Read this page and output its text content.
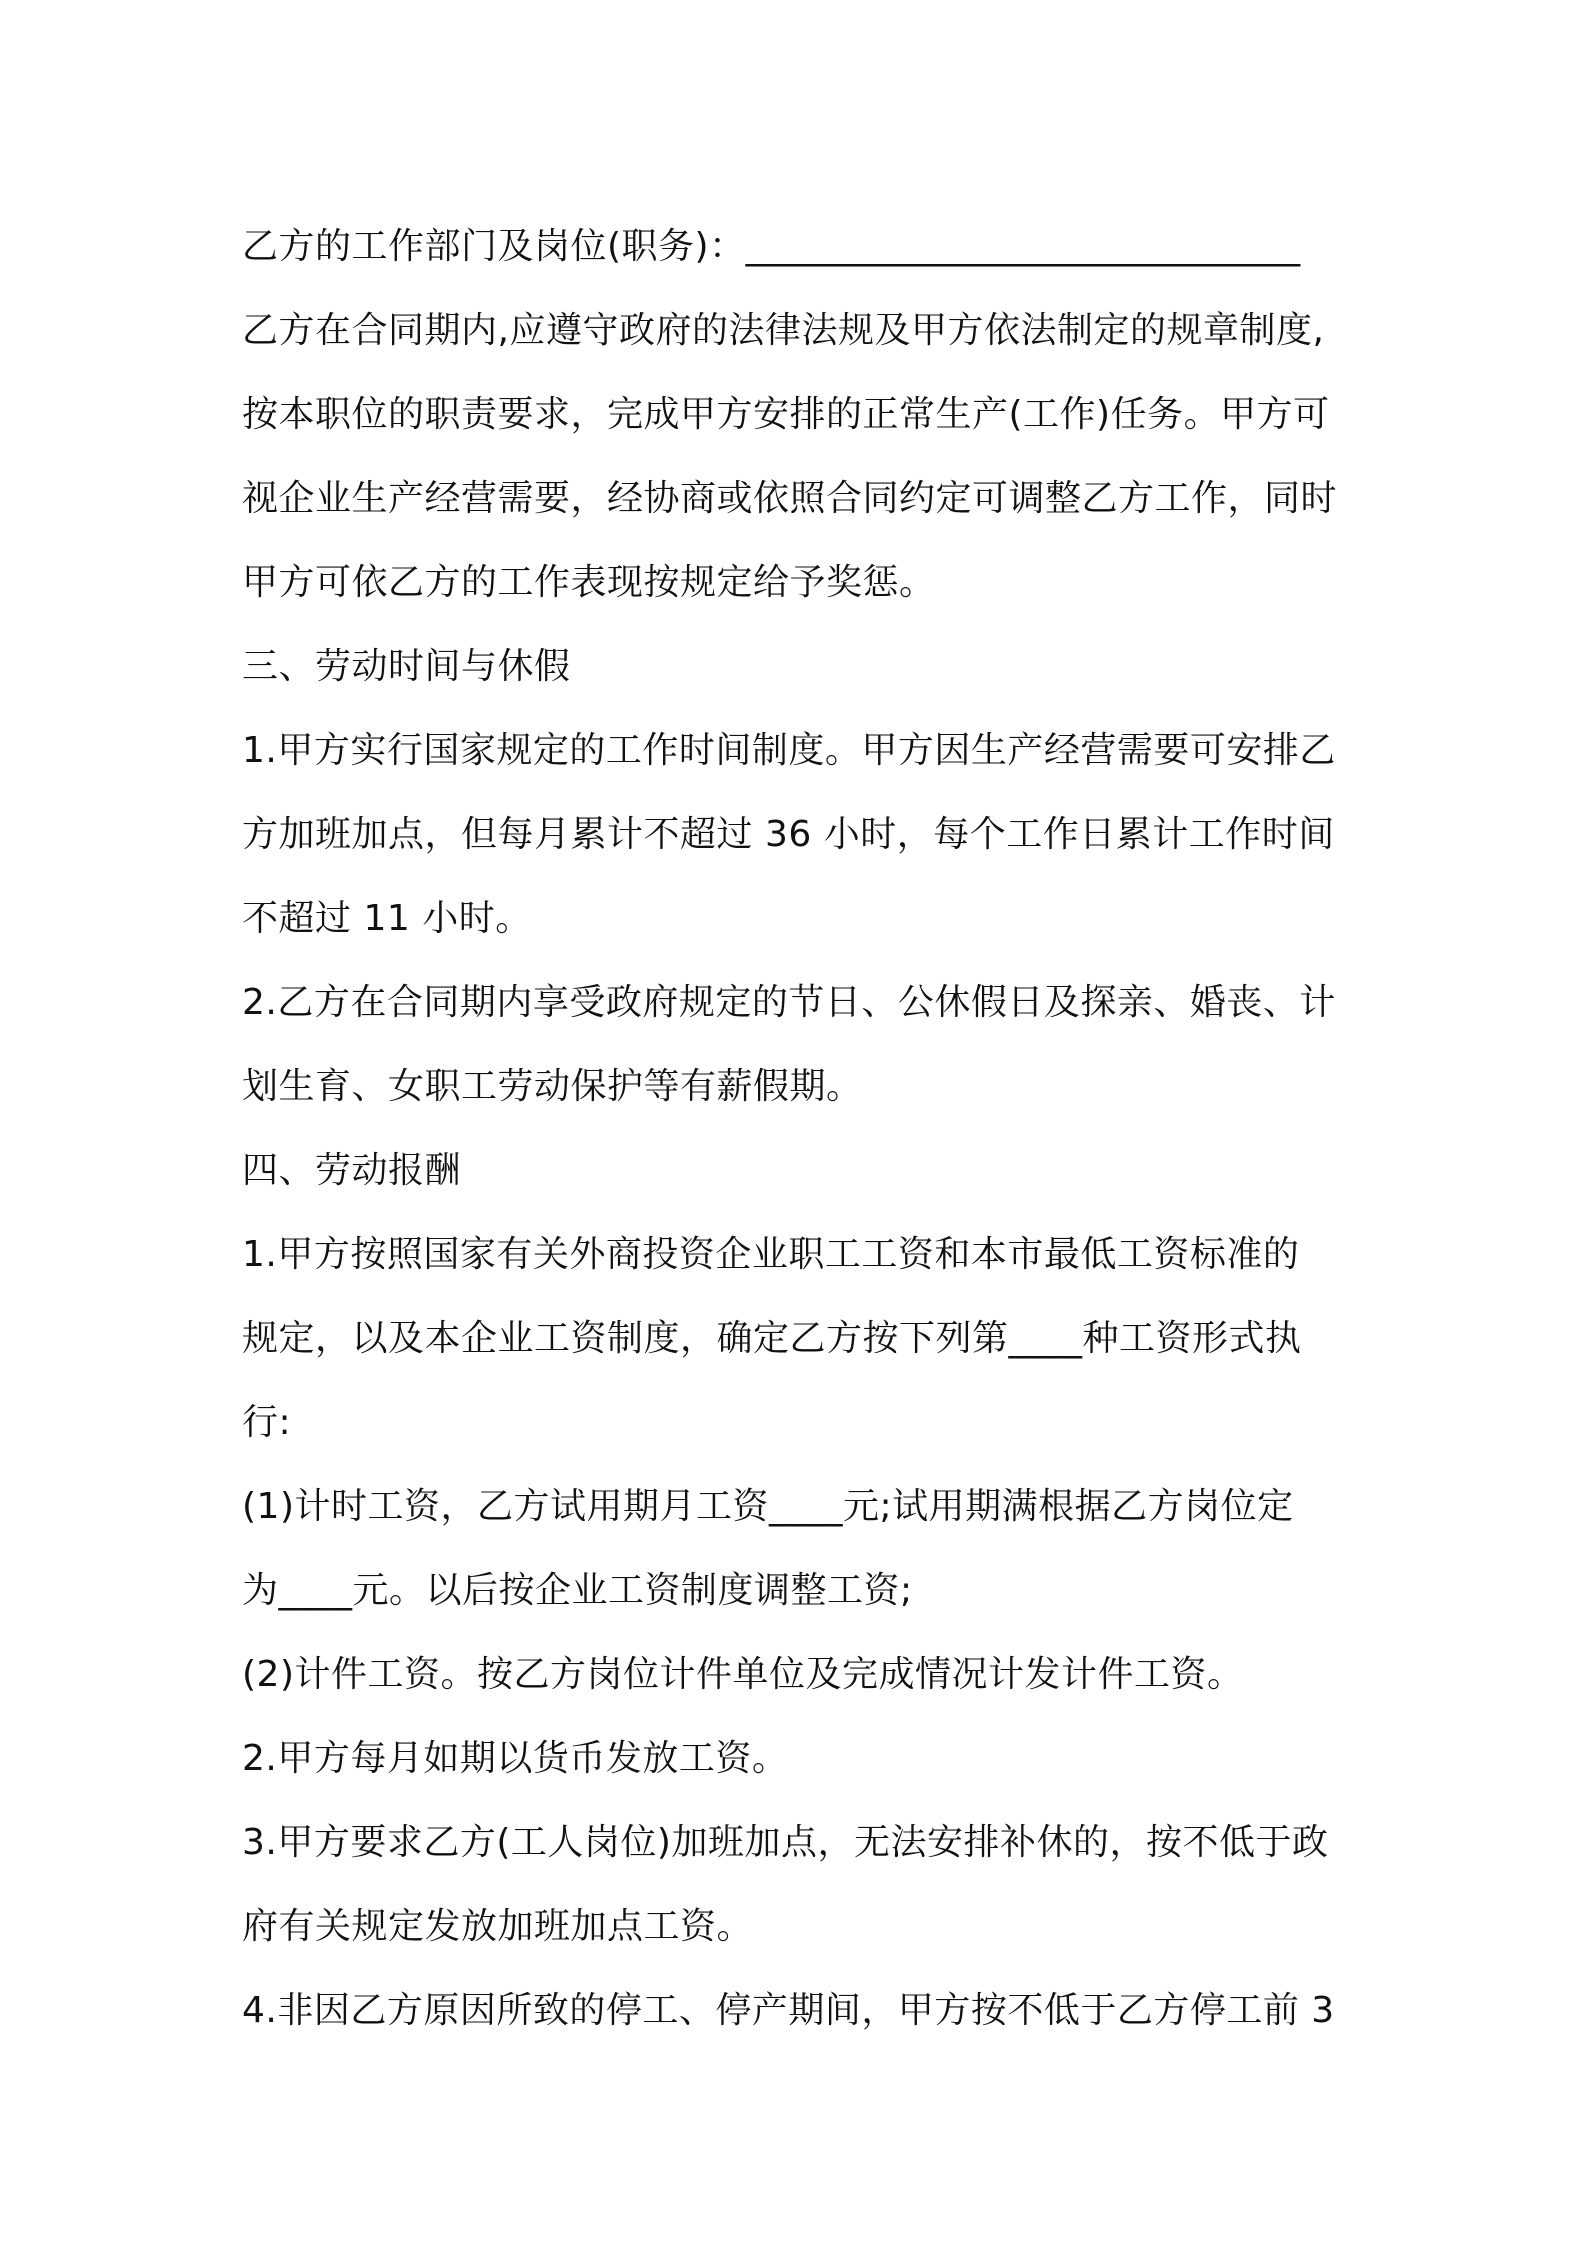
乙方的工作部门及岗位(职务)：______________________________
乙方在合同期内,应遵守政府的法律法规及甲方依法制定的规章制度,
按本职位的职责要求，完成甲方安排的正常生产(工作)任务。甲方可
视企业生产经营需要，经协商或依照合同约定可调整乙方工作，同时
甲方可依乙方的工作表现按规定给予奖惩。
三、劳动时间与休假
1.甲方实行国家规定的工作时间制度。甲方因生产经营需要可安排乙
方加班加点，但每月累计不超过 36 小时，每个工作日累计工作时间
不超过 11 小时。
2.乙方在合同期内享受政府规定的节日、公休假日及探亲、婚丧、计
划生育、女职工劳动保护等有薪假期。
四、劳动报酬
1.甲方按照国家有关外商投资企业职工工资和本市最低工资标准的
规定，以及本企业工资制度，确定乙方按下列第____种工资形式执
行:
(1)计时工资，乙方试用期月工资____元;试用期满根据乙方岗位定
为____元。以后按企业工资制度调整工资;
(2)计件工资。按乙方岗位计件单位及完成情况计发计件工资。
2.甲方每月如期以货币发放工资。
3.甲方要求乙方(工人岗位)加班加点，无法安排补休的，按不低于政
府有关规定发放加班加点工资。
4.非因乙方原因所致的停工、停产期间，甲方按不低于乙方停工前 3
